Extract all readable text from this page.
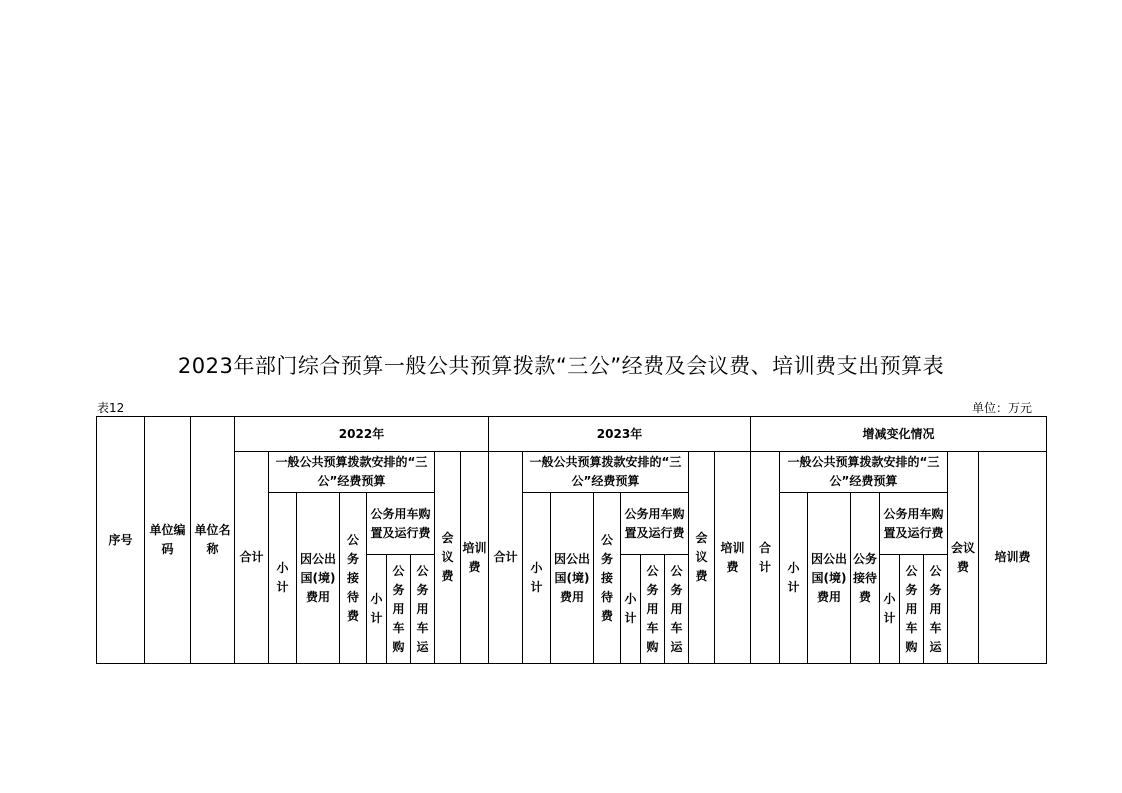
2023年部门综合预算一般公共预算拨款“三公”经费及会议费、培训费支出预算表
表12	单位：万元
序号	单位编码	单位名称	2022年									2023年									增减变化情况								
			合计	一般公共预算拨款安排的“三公”经费预算						会议费	培训费	合计	一般公共预算拨款安排的“三公”经费预算						会议费	培训费	合计	一般公共预算拨款安排的“三公”经费预算						会议费	培训费

				小计	因公出国(境)费用	公务接待费	公务用车购置及运行费						小计	因公出国(境)费用	公务接待费	公务用车购置及运行费						小计	因公出国(境)费用	公务接待费	公务用车购置及运行费				

							小计	公务用车购	公务用车运							小计	公务用车购	公务用车运							小计	公务用车购	公务用车运		
